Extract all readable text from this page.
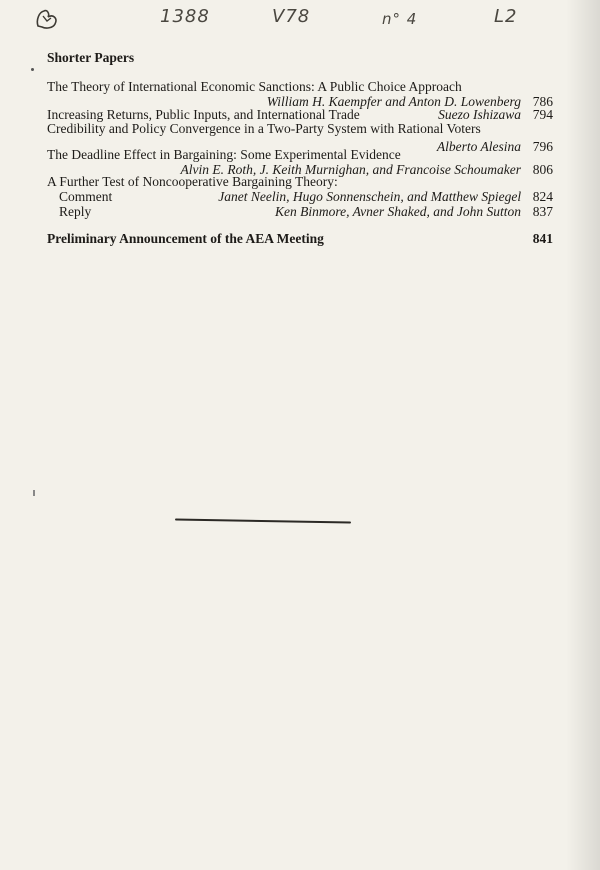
1388	V78	n° 4	L2
Shorter Papers
The Theory of International Economic Sanctions: A Public Choice Approach
William H. Kaempfer and Anton D. Lowenberg 786
Increasing Returns, Public Inputs, and International Trade	Suezo Ishizawa 794
Credibility and Policy Convergence in a Two-Party System with Rational Voters
Alberto Alesina 796
The Deadline Effect in Bargaining: Some Experimental Evidence
Alvin E. Roth, J. Keith Murnighan, and Francoise Schoumaker 806
A Further Test of Noncooperative Bargaining Theory:
Comment	Janet Neelin, Hugo Sonnenschein, and Matthew Spiegel 824
Reply	Ken Binmore, Avner Shaked, and John Sutton 837
Preliminary Announcement of the AEA Meeting	841
